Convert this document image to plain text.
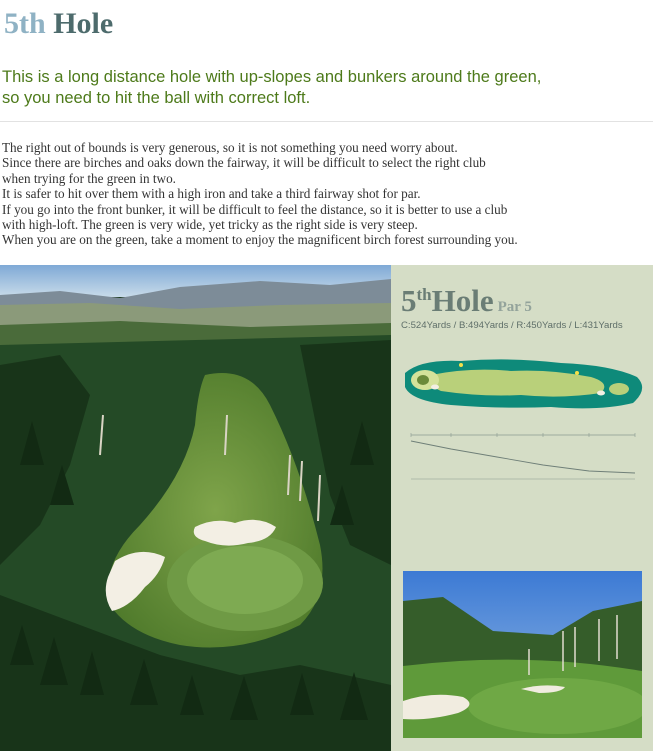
5th Hole
This is a long distance hole with up-slopes and bunkers around the green,
so you need to hit the ball with correct loft.

The right out of bounds is very generous, so it is not something you need worry about.

Since there are birches and oaks down the fairway, it will be difficult to select the right club

when trying for the green in two.

It is safer to hit over them with a high iron and take a third fairway shot for par.

If you go into the front bunker, it will be difficult to feel the distance, so it is better to use a club

with high-loft. The green is very wide, yet tricky as the right side is very steep.

When you are on the green, take a moment to enjoy the magnificent birch forest surrounding you.

5thHole Par 5
C:524Yards / B:494Yards / R:450Yards / L:431Yards
